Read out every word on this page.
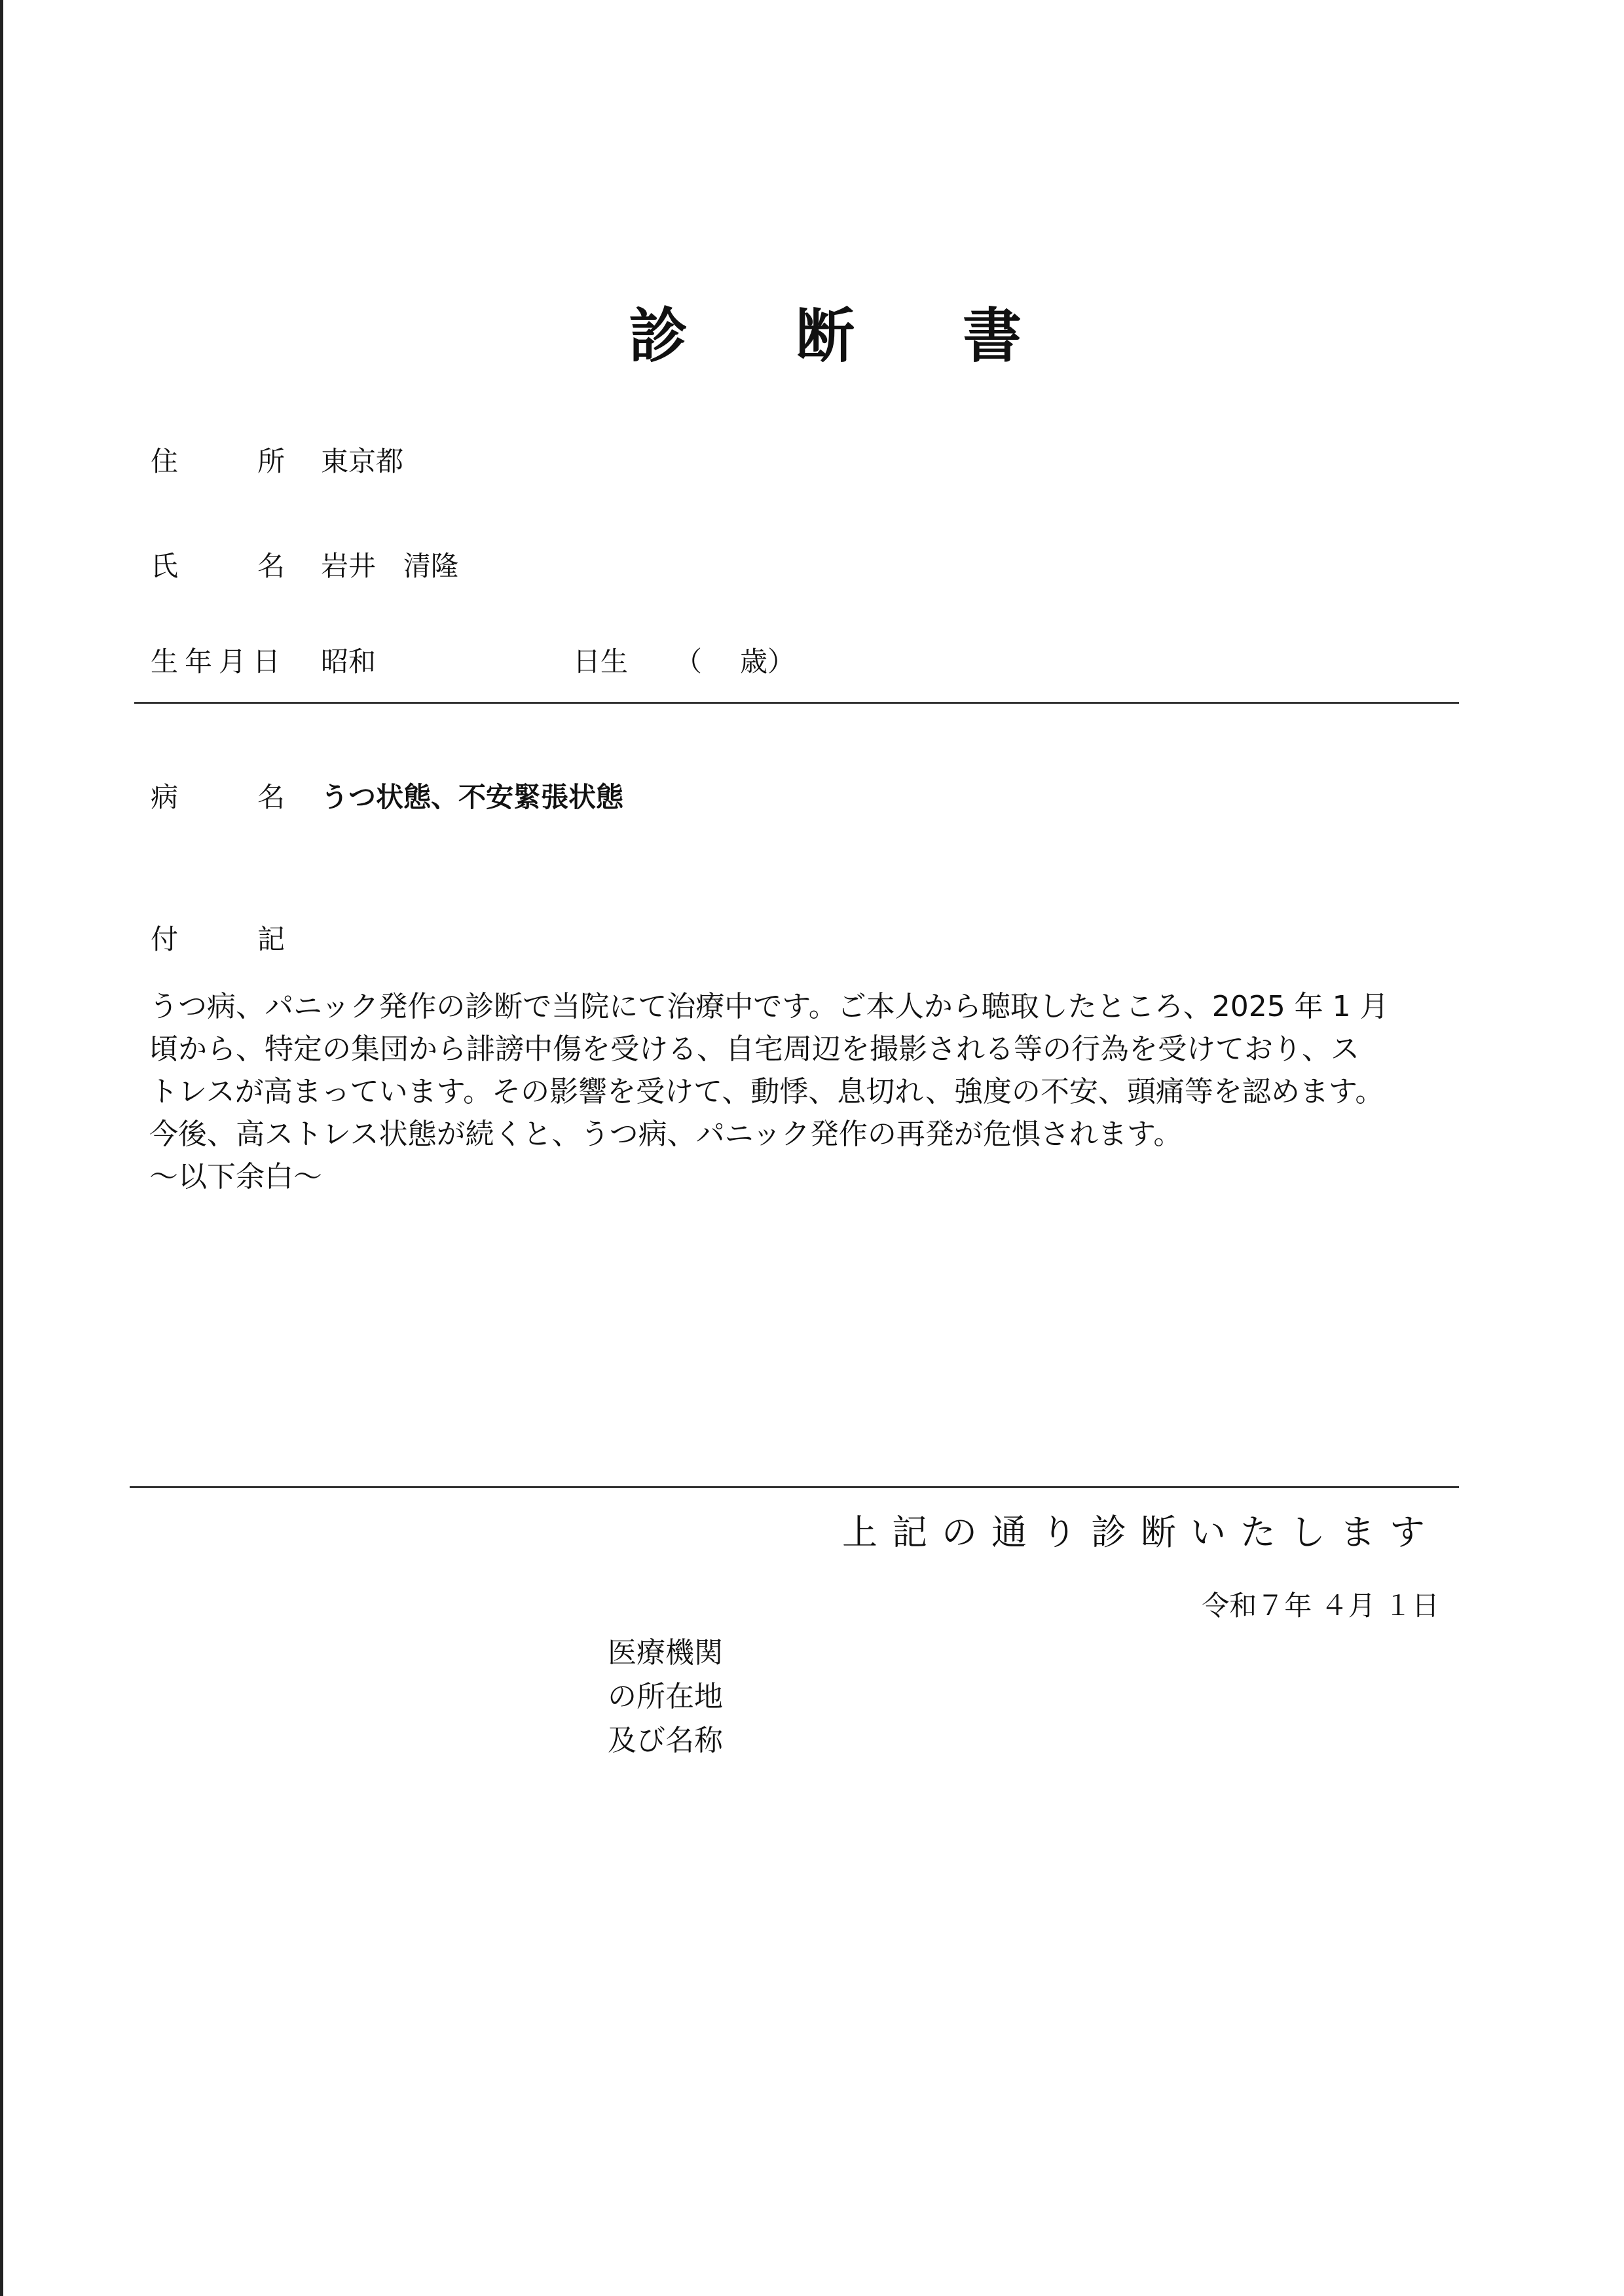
診 断 書
住	所 東京都
氏	名 岩井　清隆
生年月日 昭和	日生 （ 歳）
病	名 うつ状態、不安緊張状態
付	記

うつ病、パニック発作の診断で当院にて治療中です。ご本人から聴取したところ、2025 年 1 月

頃から、特定の集団から誹謗中傷を受ける、自宅周辺を撮影される等の行為を受けており、ス

トレスが高まっています。その影響を受けて、動悸、息切れ、強度の不安、頭痛等を認めます。

今後、高ストレス状態が続くと、うつ病、パニック発作の再発が危惧されます。

～以下余白～

上記の通り診断いたします
令和７年 ４月 １日
医療機関
の所在地
及び名称
